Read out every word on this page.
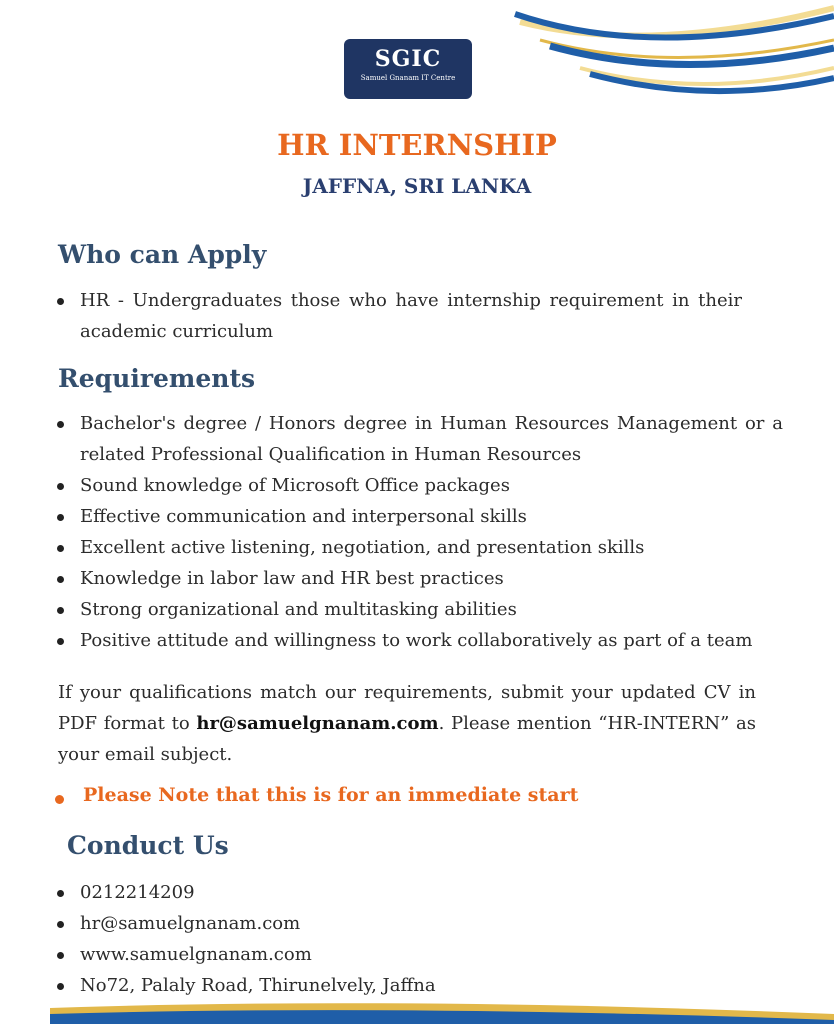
SGIC
Samuel Gnanam IT Centre
HR INTERNSHIP
JAFFNA, SRI LANKA
Who can Apply
HR - Undergraduates those who have internship requirement in their academic curriculum
Requirements
Bachelor's degree / Honors degree in Human Resources Management or a related Professional Qualification in Human Resources
Sound knowledge of Microsoft Office packages
Effective communication and interpersonal skills
Excellent active listening, negotiation, and presentation skills
Knowledge in labor law and HR best practices
Strong organizational and multitasking abilities
Positive attitude and willingness to work collaboratively as part of a team
If your qualifications match our requirements, submit your updated CV in PDF format to hr@samuelgnanam.com. Please mention “HR-INTERN” as your email subject.
Please Note that this is for an immediate start
Conduct Us
0212214209
hr@samuelgnanam.com
www.samuelgnanam.com
No72, Palaly Road, Thirunelvely, Jaffna
